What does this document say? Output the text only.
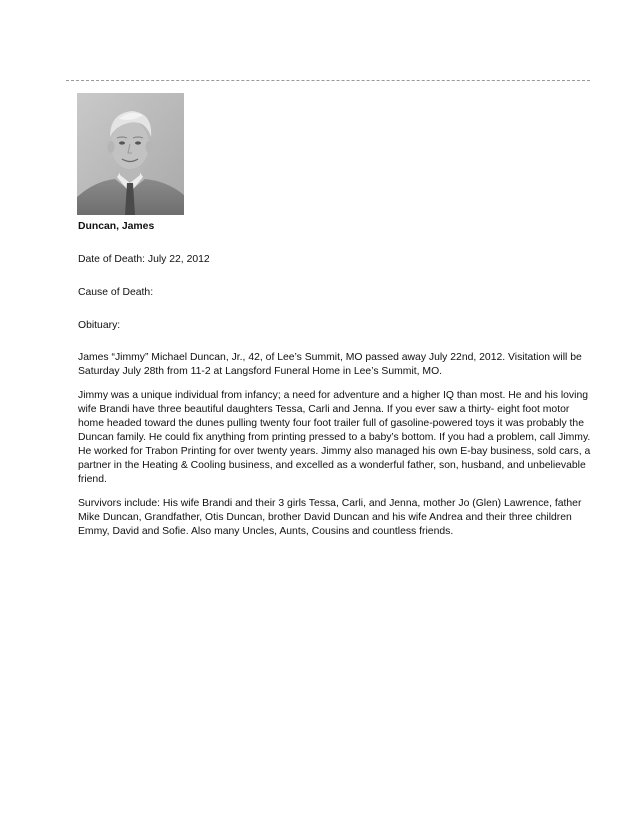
Duncan, James

Date of Death: July 22, 2012

Cause of Death:

Obituary:

James “Jimmy” Michael Duncan, Jr., 42, of Lee’s Summit, MO passed away July 22nd, 2012. Visitation will be Saturday July 28th from 11-2 at Langsford Funeral Home in Lee’s Summit, MO.

Jimmy was a unique individual from infancy; a need for adventure and a higher IQ than most. He and his loving wife Brandi have three beautiful daughters Tessa, Carli and Jenna. If you ever saw a thirty- eight foot motor home headed toward the dunes pulling twenty four foot trailer full of gasoline-powered toys it was probably the Duncan family. He could fix anything from printing pressed to a baby’s bottom. If you had a problem, call Jimmy. He worked for Trabon Printing for over twenty years. Jimmy also managed his own E-bay business, sold cars, a partner in the Heating & Cooling business, and excelled as a wonderful father, son, husband, and unbelievable friend.

Survivors include: His wife Brandi and their 3 girls Tessa, Carli, and Jenna, mother Jo (Glen) Lawrence, father Mike Duncan, Grandfather, Otis Duncan, brother David Duncan and his wife Andrea and their three children Emmy, David and Sofie. Also many Uncles, Aunts, Cousins and countless friends.
